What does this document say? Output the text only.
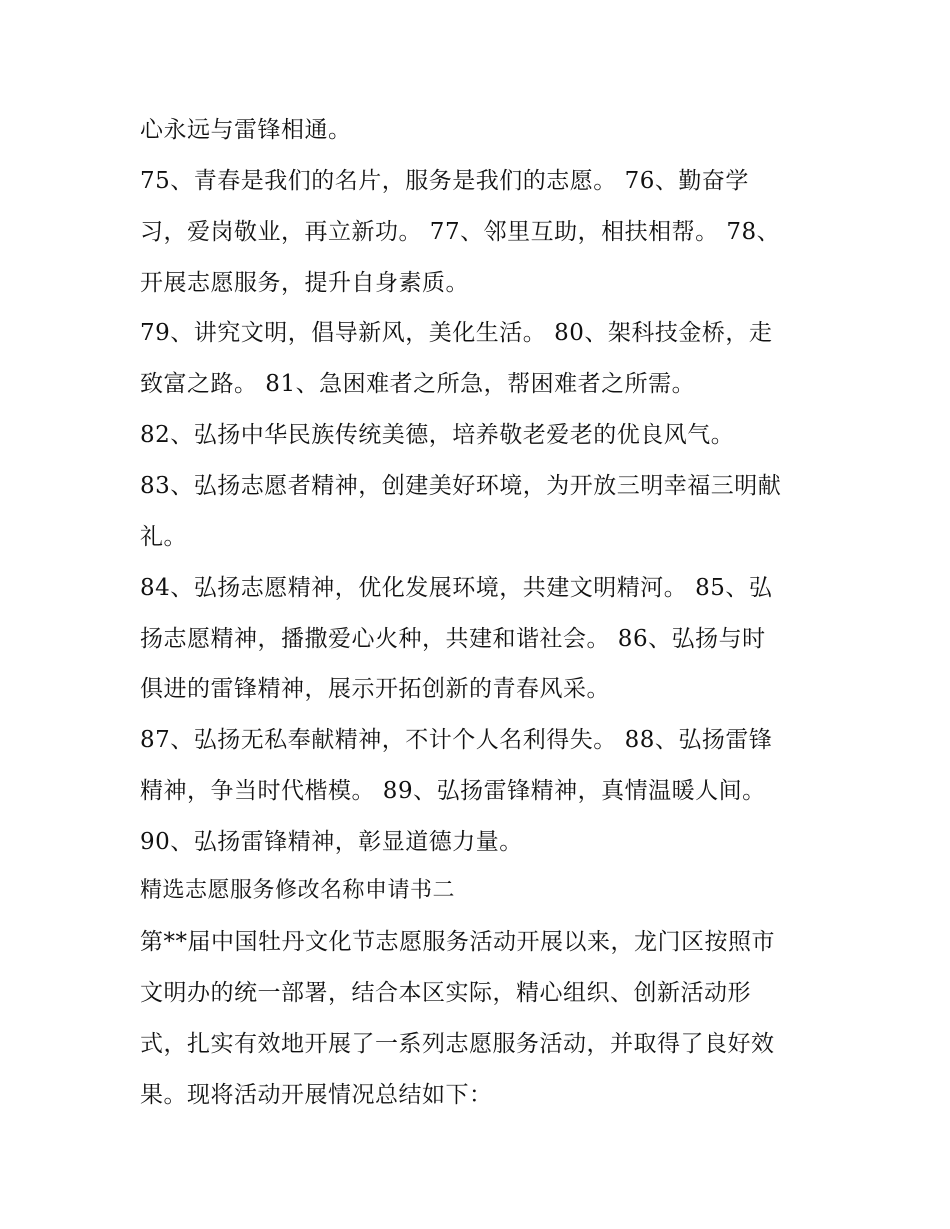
心永远与雷锋相通。
75、青春是我们的名片，服务是我们的志愿。 76、勤奋学
习，爱岗敬业，再立新功。 77、邻里互助，相扶相帮。 78、
开展志愿服务，提升自身素质。
79、讲究文明，倡导新风，美化生活。 80、架科技金桥，走
致富之路。 81、急困难者之所急，帮困难者之所需。
82、弘扬中华民族传统美德，培养敬老爱老的优良风气。
83、弘扬志愿者精神，创建美好环境，为开放三明幸福三明献
礼。
84、弘扬志愿精神，优化发展环境，共建文明精河。 85、弘
扬志愿精神，播撒爱心火种，共建和谐社会。 86、弘扬与时
俱进的雷锋精神，展示开拓创新的青春风采。
87、弘扬无私奉献精神，不计个人名利得失。 88、弘扬雷锋
精神，争当时代楷模。 89、弘扬雷锋精神，真情温暖人间。
90、弘扬雷锋精神，彰显道德力量。
精选志愿服务修改名称申请书二
第**届中国牡丹文化节志愿服务活动开展以来，龙门区按照市
文明办的统一部署，结合本区实际，精心组织、创新活动形
式，扎实有效地开展了一系列志愿服务活动，并取得了良好效
果。现将活动开展情况总结如下：
